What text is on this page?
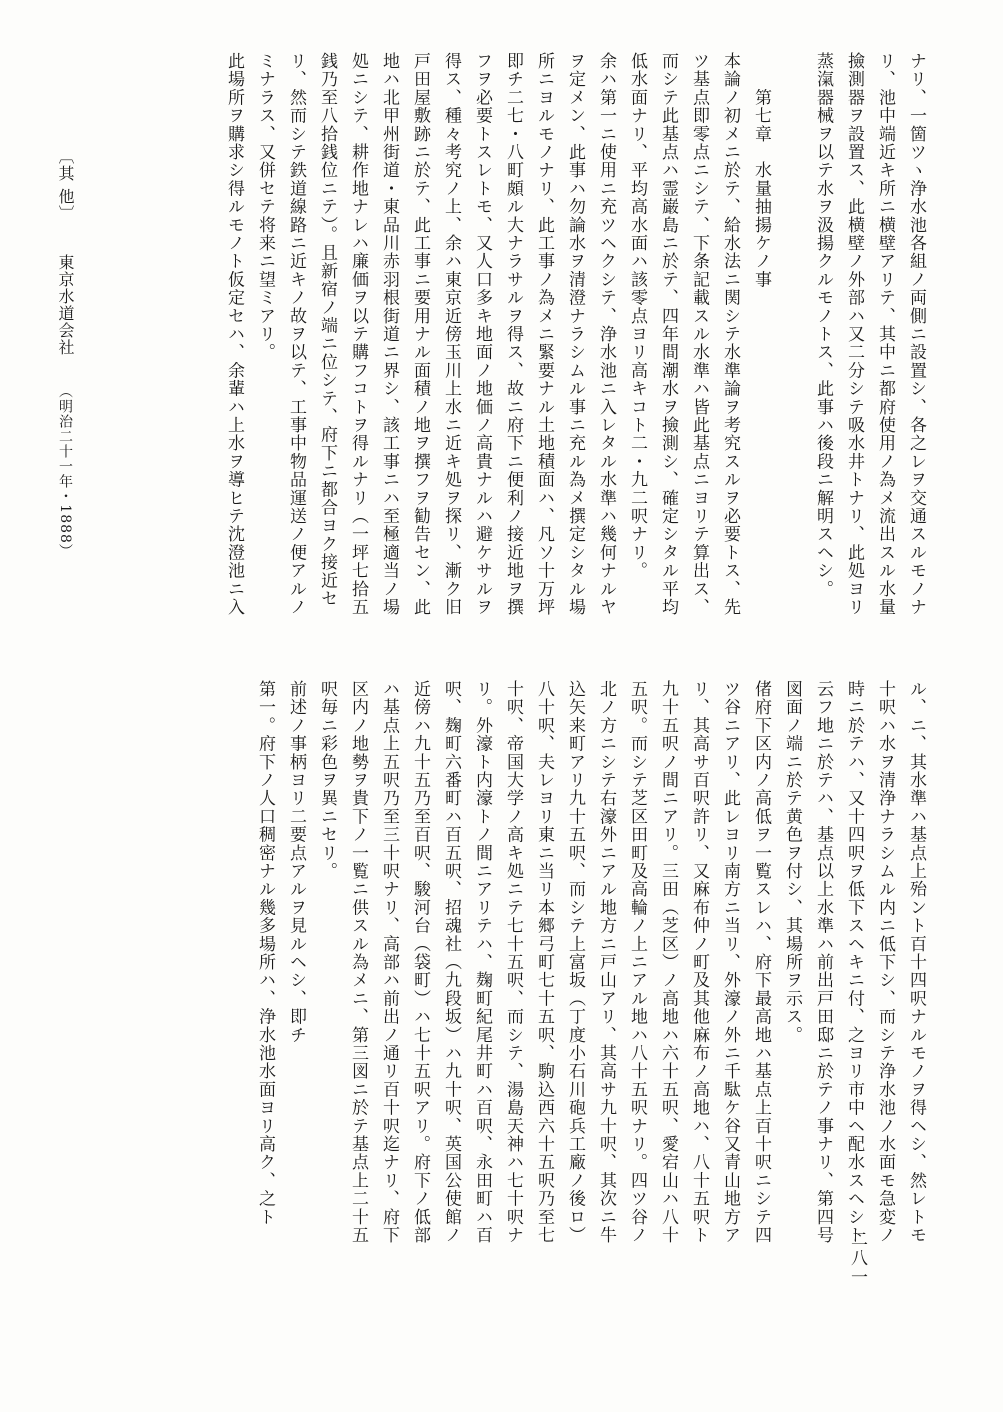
ナリ、一箇ツヽ浄水池各組ノ両側ニ設置シ、各之レヲ交通スルモノナ
リ、池中端近キ所ニ横壁アリテ、其中ニ都府使用ノ為メ流出スル水量
撿測器ヲ設置ス、此横壁ノ外部ハ又二分シテ吸水井トナリ、此処ヨリ
蒸滊器械ヲ以テ水ヲ汲揚クルモノトス、此事ハ後段ニ解明スヘシ。

　　第七章　水量抽揚ケノ事
本論ノ初メニ於テ、給水法ニ関シテ水準論ヲ考究スルヲ必要トス、先
ツ基点即零点ニシテ、下条記載スル水準ハ皆此基点ニヨリテ算出ス、
而シテ此基点ハ霊巌島ニ於テ、四年間潮水ヲ撿測シ、確定シタル平均
低水面ナリ、平均高水面ハ該零点ヨリ高キコト二・九二呎ナリ。
余ハ第一ニ使用ニ充ツヘクシテ、浄水池ニ入レタル水準ハ幾何ナルヤ
ヲ定メン、此事ハ勿論水ヲ清澄ナラシムル事ニ充ル為メ撰定シタル場
所ニヨルモノナリ、此工事ノ為メニ緊要ナル土地積面ハ、凡ソ十万坪
即チ二七・八町頗ル大ナラサルヲ得ス、故ニ府下ニ便利ノ接近地ヲ撰
フヲ必要トスレトモ、又人口多キ地面ノ地価ノ高貴ナルハ避ケサルヲ
得ス、種々考究ノ上、余ハ東京近傍玉川上水ニ近キ処ヲ探リ、漸ク旧
戸田屋敷跡ニ於テ、此工事ニ要用ナル面積ノ地ヲ撰フヲ勧告セン、此
地ハ北甲州街道・東品川赤羽根街道ニ界シ、該工事ニハ至極適当ノ場
処ニシテ、耕作地ナレハ廉価ヲ以テ購フコトヲ得ルナリ（一坪七拾五
銭乃至八拾銭位ニテ）。且新宿ノ端ニ位シテ、府下ニ都合ヨク接近セ
リ、然而シテ鉄道線路ニ近キノ故ヲ以テ、工事中物品運送ノ便アルノ
ミナラス、又併セテ将来ニ望ミアリ。
此場所ヲ購求シ得ルモノト仮定セハ、余輩ハ上水ヲ導ヒテ沈澄池ニ入
ル、ニ、其水準ハ基点上殆ント百十四呎ナルモノヲ得ヘシ、然レトモ
十呎ハ水ヲ清浄ナラシムル内ニ低下シ、而シテ浄水池ノ水面モ急変ノ
時ニ於テハ、又十四呎ヲ低下スヘキニ付、之ヨリ市中ヘ配水スヘシト
云フ地ニ於テハ、基点以上水準ハ前出戸田邸ニ於テノ事ナリ、第四号
図面ノ端ニ於テ黄色ヲ付シ、其場所ヲ示ス。
偖府下区内ノ高低ヲ一覧スレハ、府下最高地ハ基点上百十呎ニシテ四
ツ谷ニアリ、此レヨリ南方ニ当リ、外濠ノ外ニ千駄ケ谷又青山地方ア
リ、其高サ百呎許リ、又麻布仲ノ町及其他麻布ノ高地ハ、八十五呎ト
九十五呎ノ間ニアリ。三田（芝区）ノ高地ハ六十五呎、愛宕山ハ八十
五呎。而シテ芝区田町及高輪ノ上ニアル地ハ八十五呎ナリ。四ツ谷ノ
北ノ方ニシテ右濠外ニアル地方ニ戸山アリ、其高サ九十呎、其次ニ牛
込矢来町アリ九十五呎、而シテ上富坂（丁度小石川砲兵工廠ノ後ロ）
八十呎、夫レヨリ東ニ当リ本郷弓町七十五呎、駒込西六十五呎乃至七
十呎、帝国大学ノ高キ処ニテ七十五呎、而シテ、湯島天神ハ七十呎ナ
リ。外濠ト内濠トノ間ニアリテハ、麹町紀尾井町ハ百呎、永田町ハ百
呎、麹町六番町ハ百五呎、招魂社（九段坂）ハ九十呎、英国公使館ノ
近傍ハ九十五乃至百呎、駿河台（袋町）ハ七十五呎アリ。府下ノ低部
ハ基点上五呎乃至三十呎ナリ、高部ハ前出ノ通リ百十呎迄ナリ、府下
区内ノ地勢ヲ貴下ノ一覧ニ供スル為メニ、第三図ニ於テ基点上二十五
呎毎ニ彩色ヲ異ニセリ。
前述ノ事柄ヨリ二要点アルヲ見ルヘシ、即チ
第一。府下ノ人口稠密ナル幾多場所ハ、浄水池水面ヨリ高ク、之ト
〔其 他〕 東京水道会社 （明治二十一年・1888）
二八一
